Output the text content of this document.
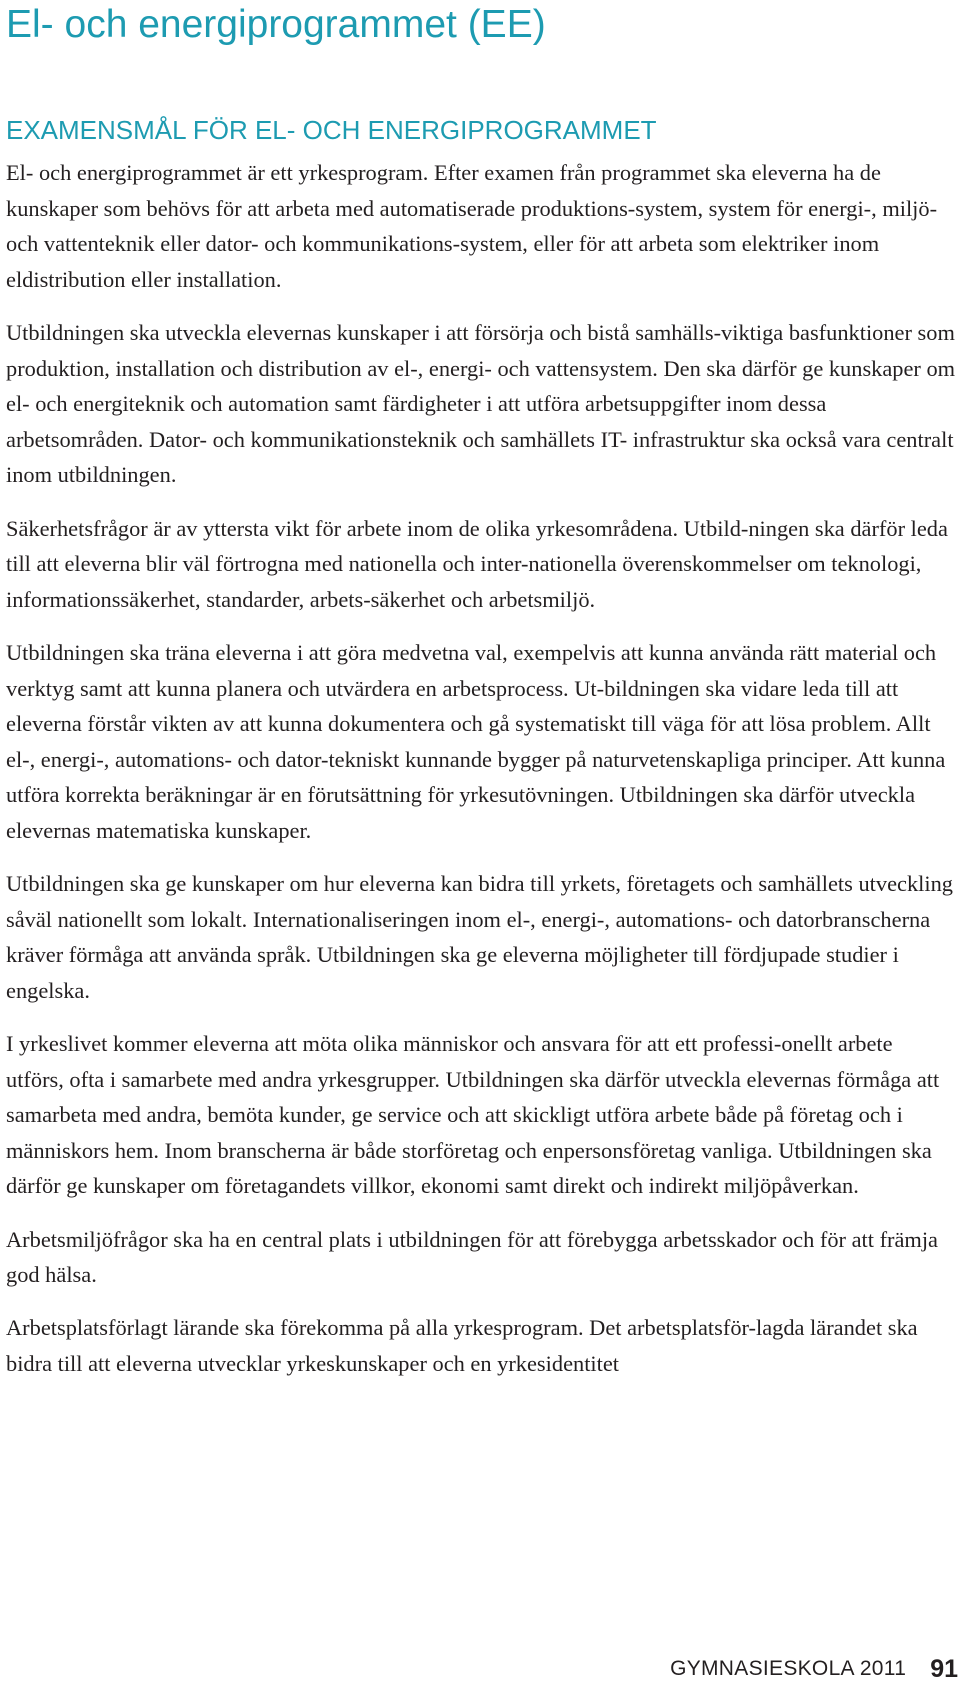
El- och energiprogrammet (EE)
EXAMENSMÅL FÖR EL- OCH ENERGIPROGRAMMET

El- och energiprogrammet är ett yrkesprogram. Efter examen från programmet ska eleverna ha de kunskaper som behövs för att arbeta med automatiserade produktions-system, system för energi-, miljö- och vattenteknik eller dator- och kommunikations-system, eller för att arbeta som elektriker inom eldistribution eller installation.

Utbildningen ska utveckla elevernas kunskaper i att försörja och bistå samhälls-viktiga basfunktioner som produktion, installation och distribution av el-, energi- och vattensystem. Den ska därför ge kunskaper om el- och energiteknik och automation samt färdigheter i att utföra arbetsuppgifter inom dessa arbetsområden. Dator- och kommunikationsteknik och samhällets IT- infrastruktur ska också vara centralt inom utbildningen.

Säkerhetsfrågor är av yttersta vikt för arbete inom de olika yrkesområdena. Utbild-ningen ska därför leda till att eleverna blir väl förtrogna med nationella och inter-nationella överenskommelser om teknologi, informationssäkerhet, standarder, arbets-säkerhet och arbetsmiljö.

Utbildningen ska träna eleverna i att göra medvetna val, exempelvis att kunna använda rätt material och verktyg samt att kunna planera och utvärdera en arbetsprocess. Ut-bildningen ska vidare leda till att eleverna förstår vikten av att kunna dokumentera och gå systematiskt till väga för att lösa problem. Allt el-, energi-, automations- och dator-tekniskt kunnande bygger på naturvetenskapliga principer. Att kunna utföra korrekta beräkningar är en förutsättning för yrkesutövningen. Utbildningen ska därför utveckla elevernas matematiska kunskaper.

Utbildningen ska ge kunskaper om hur eleverna kan bidra till yrkets, företagets och samhällets utveckling såväl nationellt som lokalt. Internationaliseringen inom el-, energi-, automations- och datorbranscherna kräver förmåga att använda språk. Utbildningen ska ge eleverna möjligheter till fördjupade studier i engelska.

I yrkeslivet kommer eleverna att möta olika människor och ansvara för att ett professi-onellt arbete utförs, ofta i samarbete med andra yrkesgrupper. Utbildningen ska därför utveckla elevernas förmåga att samarbeta med andra, bemöta kunder, ge service och att skickligt utföra arbete både på företag och i människors hem. Inom branscherna är både storföretag och enpersonsföretag vanliga. Utbildningen ska därför ge kunskaper om företagandets villkor, ekonomi samt direkt och indirekt miljöpåverkan.

Arbetsmiljöfrågor ska ha en central plats i utbildningen för att förebygga arbetsskador och för att främja god hälsa.

Arbetsplatsförlagt lärande ska förekomma på alla yrkesprogram. Det arbetsplatsför-lagda lärandet ska bidra till att eleverna utvecklar yrkeskunskaper och en yrkesidentitet

GYMNASIESKOLA 2011 91
